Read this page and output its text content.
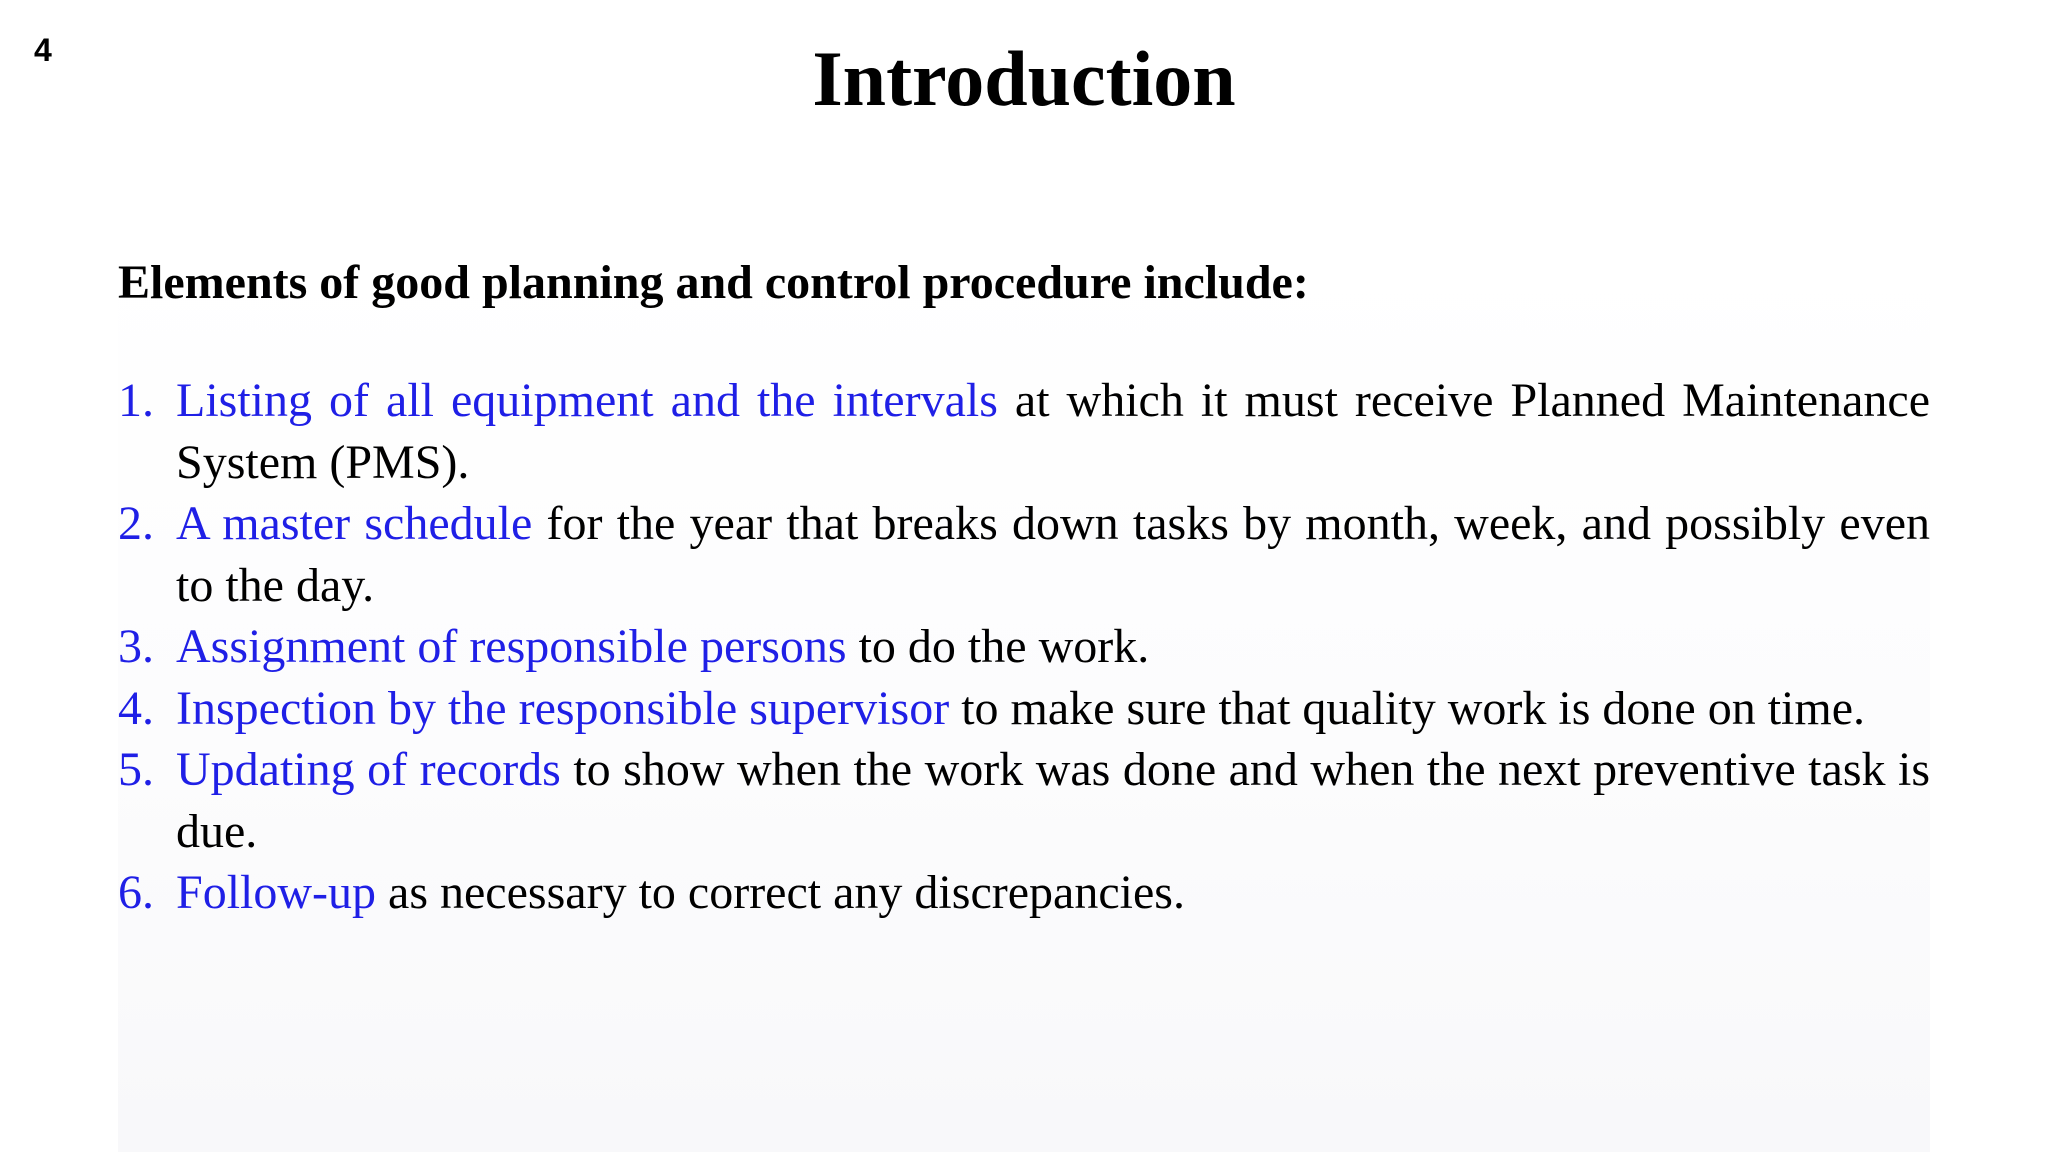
4	Introduction
Elements of good planning and control procedure include:
1. Listing of all equipment and the intervals at which it must receive Planned Maintenance System (PMS).
2. A master schedule for the year that breaks down tasks by month, week, and possibly even to the day.
3. Assignment of responsible persons to do the work.
4. Inspection by the responsible supervisor to make sure that quality work is done on time.
5. Updating of records to show when the work was done and when the next preventive task is due.
6. Follow-up as necessary to correct any discrepancies.
